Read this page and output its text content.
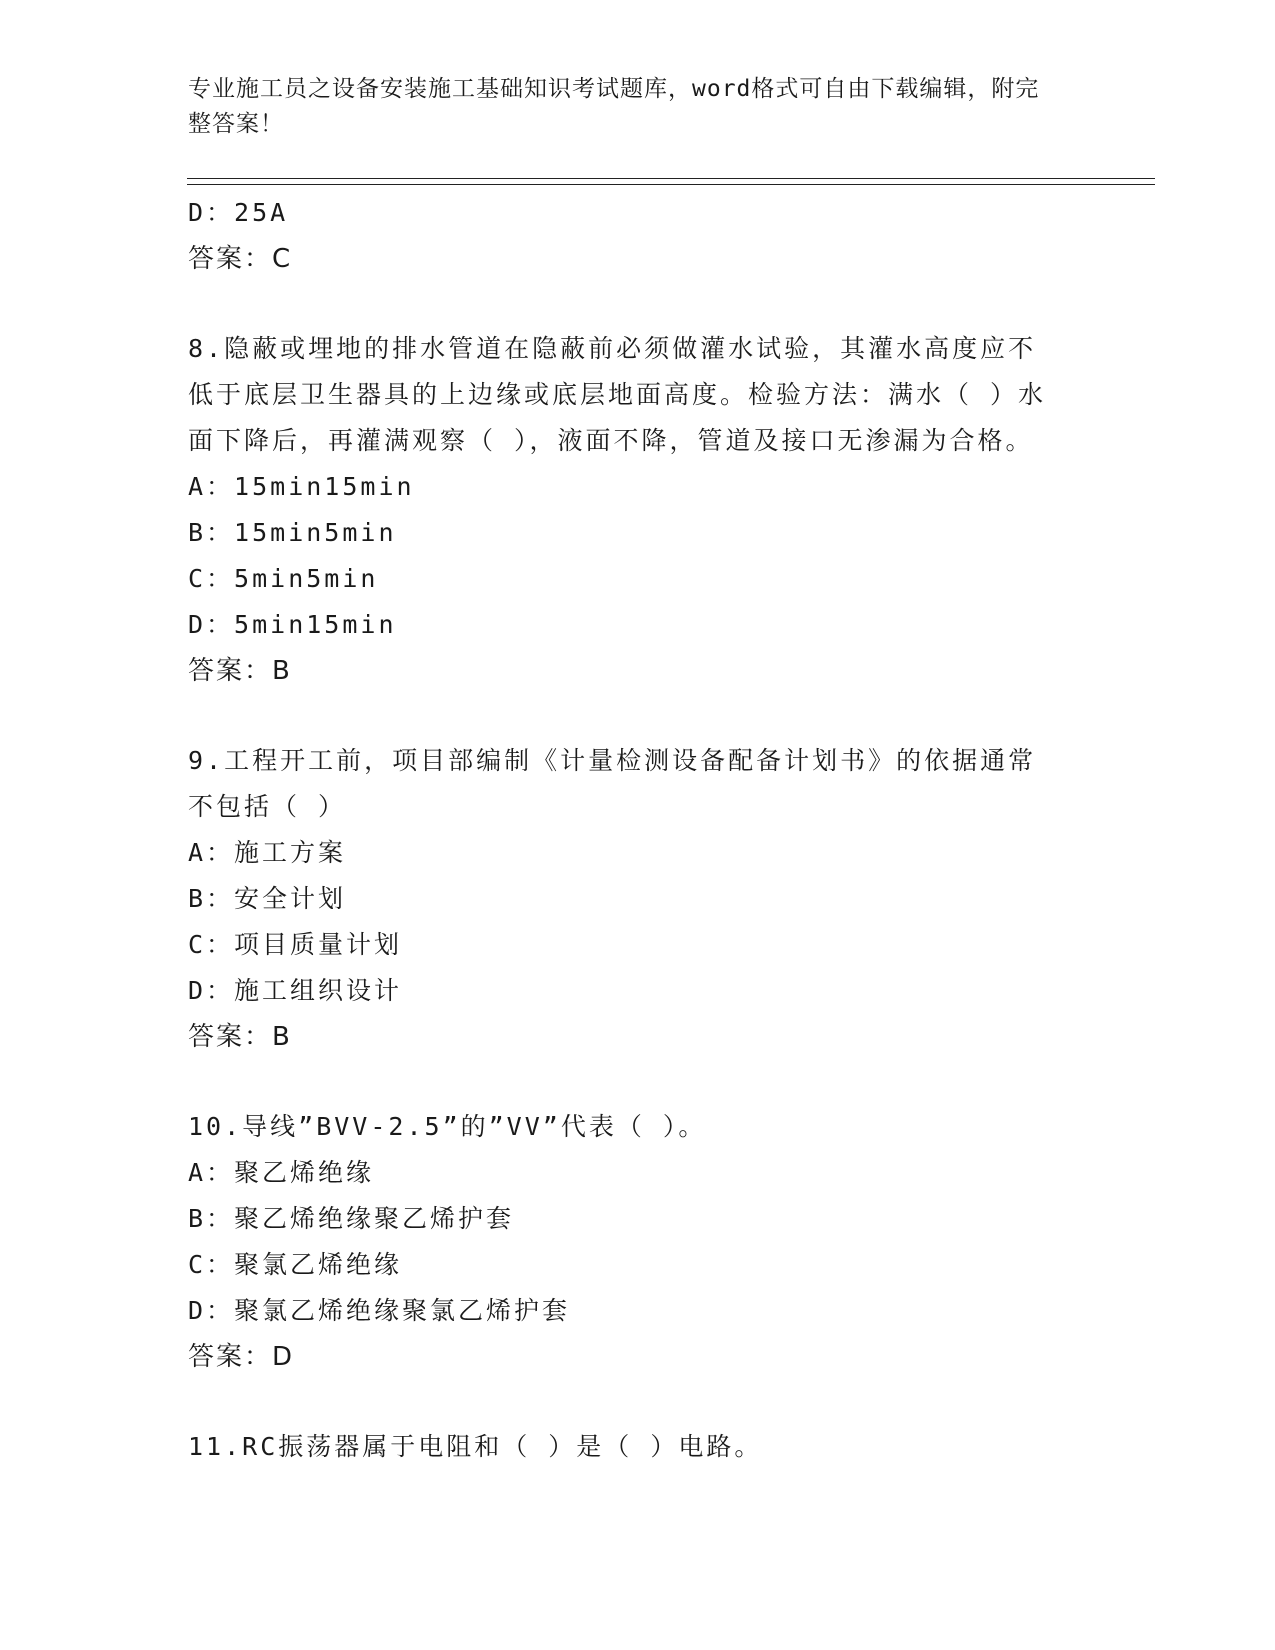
专业施工员之设备安装施工基础知识考试题库，word格式可自由下载编辑，附完
整答案！
D：25A
答案：C
8.隐蔽或埋地的排水管道在隐蔽前必须做灌水试验，其灌水高度应不
低于底层卫生器具的上边缘或底层地面高度。检验方法：满水（ ）水
面下降后，再灌满观察（ ），液面不降，管道及接口无渗漏为合格。
A：15min15min
B：15min5min
C：5min5min
D：5min15min
答案：B
9.工程开工前，项目部编制《计量检测设备配备计划书》的依据通常
不包括（ ）
A：施工方案
B：安全计划
C：项目质量计划
D：施工组织设计
答案：B
10.导线”BVV-2.5”的”VV”代表（ ）。
A：聚乙烯绝缘
B：聚乙烯绝缘聚乙烯护套
C：聚氯乙烯绝缘
D：聚氯乙烯绝缘聚氯乙烯护套
答案：D
11.RC振荡器属于电阻和（ ）是（ ）电路。
